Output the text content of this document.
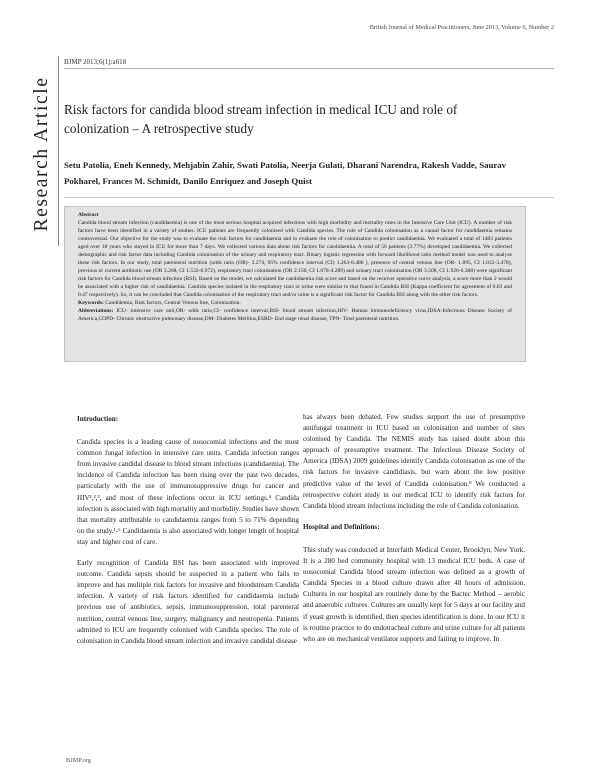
British Journal of Medical Practitioners, June 2013, Volume 6, Number 2
Research Article
BJMP 2013;6(1):a618
Risk factors for candida blood stream infection in medical ICU and role of colonization – A retrospective study

Setu Patolia, Eneh Kennedy, Mehjabin Zahir, Swati Patolia, Neerja Gulati, Dharani Narendra, Rakesh Vadde, Saurav Pokharel, Frances M. Schmidt, Danilo Enriquez and Joseph Quist

Abstract

Candida blood stream infection (candidaemia) is one of the most serious hospital acquired infections with high morbidity and mortality rates in the Intensive Care Unit (ICU). A number of risk factors have been identified in a variety of studies. ICU patients are frequently colonised with Candida species. The role of Candida colonisation as a causal factor for candidaemia remains controversial. Our objective for the study was to evaluate the risk factors for candidaemia and to evaluate the role of colonisation to predict candidaemia. We evaluated a total of 1483 patients aged over 18 years who stayed in ICU for more than 7 days. We collected various data about risk factors for candidaemia. A total of 56 patients (3.77%) developed candidaemia. We collected demographic and risk factor data including Candida colonisation of the urinary and respiratory tract. Binary logistic regression with forward likelihood ratio method model was used to analyse these risk factors. In our study, total parenteral nutrition (odds ratio (OR)- 3.274, 95% confidence interval (CI) 1.263-8.486 ), presence of central venous line (OR- 1.895, CI 1.032-3.478), previous or current antibiotic use (OR 3.268, CI 1.532-6.972), respiratory tract colonisation (OR 2.150, CI 1.078-4.289) and urinary tract colonisation (OR 3.508, CI 1.926-6.388) were significant risk factors for Candida blood stream infection (BSI). Based on the model, we calculated the candidaemia risk score and based on the receiver operative curve analysis, a score more than 2 would be associated with a higher risk of candidaemia. Candida species isolated in the respiratory tract or urine were similar to that found in Candida BSI (Kappa coefficient for agreement of 0.83 and 0.47 respectively). So, it can be concluded that Candida colonisation of the respiratory tract and/or urine is a significant risk factor for Candida BSI along with the other risk factors.

Keywords: Candidemia, Risk factors, Central Venous line, Colonization.

Abbreviations: ICU- intensive care unit,OR- odds ratio,CI- confidence interval,BSI- blood stream infection,HIV- Human immunodeficiency virus,IDSA-Infectious Disease Society of America,COPD- Chronic obstructive pulmonary disease,DM- Diabetes Mellitus,ESRD- End stage renal disease, TPN- Total parenteral nutrition.

Introduction:

Candida species is a leading cause of nosocomial infections and the most common fungal infection in intensive care units. Candida infection ranges from invasive candidal disease to blood stream infections (candidaemia). The incidence of Candida infection has been rising over the past two decades, particularly with the use of immunosuppressive drugs for cancer and HIV¹,²,³, and most of these infections occur in ICU settings.⁴ Candida infection is associated with high mortality and morbidity. Studies have shown that mortality attributable to candidaemia ranges from 5 to 71% depending on the study.¹‑⁶ Candidaemia is also associated with longer length of hospital stay and higher cost of care.

Early recognition of Candida BSI has been associated with improved outcome. Candida sepsis should be suspected in a patient who fails to improve and has multiple risk factors for invasive and bloodstream Candida infection. A variety of risk factors identified for candidaemia include previous use of antibiotics, sepsis, immunosuppression, total parenteral nutrition, central venous line, surgery, malignancy and neutropenia. Patients admitted to ICU are frequently colonised with Candida species. The role of colonisation in Candida blood stream infection and invasive candidal disease

has always been debated. Few studies support the use of presumptive antifungal treatment in ICU based on colonisation and number of sites colonised by Candida. The NEMIS study has raised doubt about this approach of presumptive treatment. The Infectious Disease Society of America (IDSA) 2009 guidelines identify Candida colonisation as one of the risk factors for invasive candidiasis, but warn about the low positive predictive value of the level of Candida colonisation.⁸ We conducted a retrospective cohort study in our medical ICU to identify risk factors for Candida blood stream infections including the role of Candida colonisation.

Hospital and Definitions:

This study was conducted at Interfaith Medical Center, Brooklyn, New York. It is a 280 bed community hospital with 13 medical ICU beds. A case of nosocomial Candida blood stream infection was defined as a growth of Candida Species in a blood culture drawn after 48 hours of admission. Cultures in our hospital are routinely done by the Bactec Method – aerobic and anaerobic cultures. Cultures are usually kept for 5 days at our facility and if yeast growth is identified, then species identification is done. In our ICU it is routine practice to do endotracheal culture and urine culture for all patients who are on mechanical ventilator supports and failing to improve. In

BJMP.org
